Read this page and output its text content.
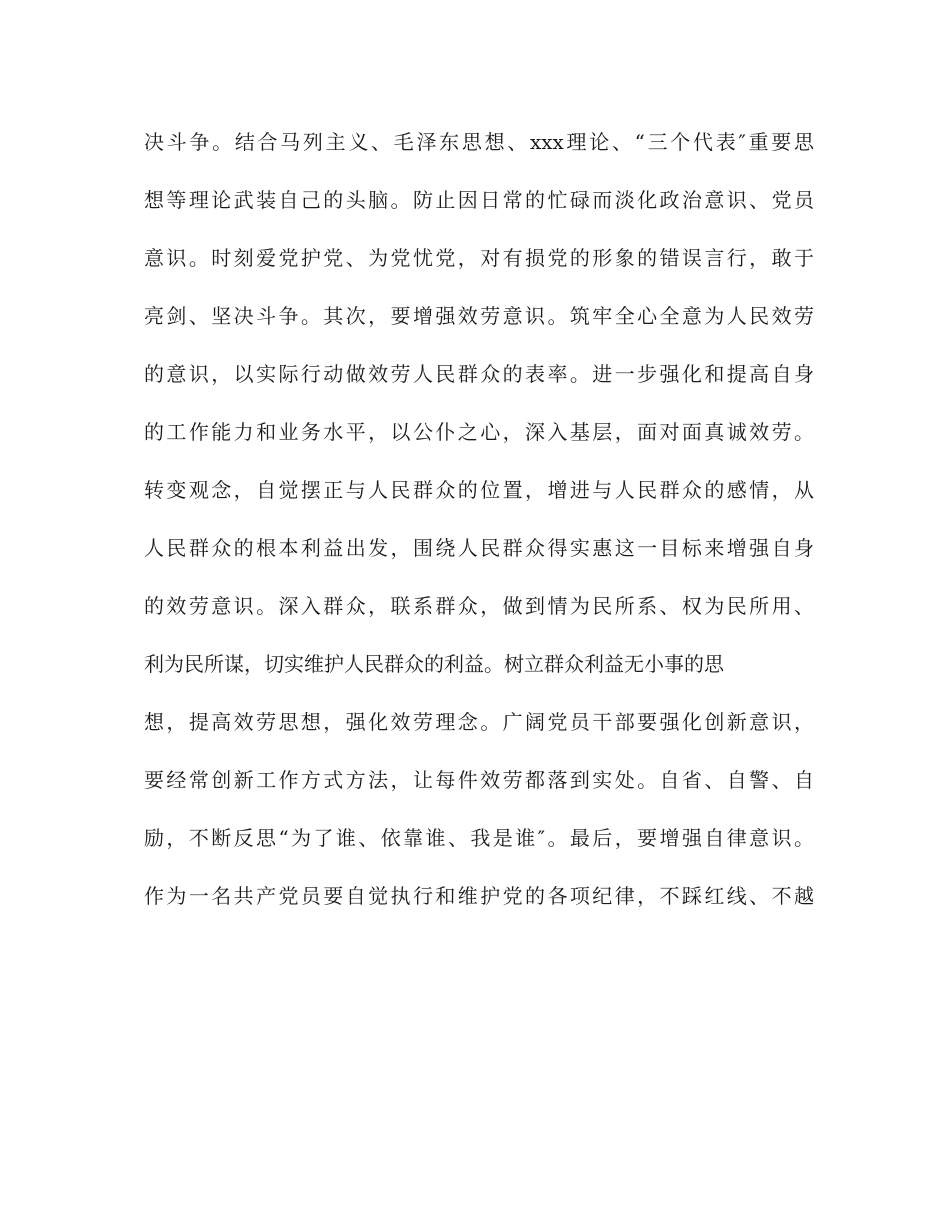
决斗争。结合马列主义、毛泽东思想、xxx理论、“三个代表″重要思
想等理论武装自己的头脑。防止因日常的忙碌而淡化政治意识、党员
意识。时刻爱党护党、为党忧党，对有损党的形象的错误言行，敢于
亮剑、坚决斗争。其次，要增强效劳意识。筑牢全心全意为人民效劳
的意识，以实际行动做效劳人民群众的表率。进一步强化和提高自身
的工作能力和业务水平，以公仆之心，深入基层，面对面真诚效劳。
转变观念，自觉摆正与人民群众的位置，增进与人民群众的感情，从
人民群众的根本利益出发，围绕人民群众得实惠这一目标来增强自身
的效劳意识。深入群众，联系群众，做到情为民所系、权为民所用、
利为民所谋，切实维护人民群众的利益。树立群众利益无小事的思
想，提高效劳思想，强化效劳理念。广阔党员干部要强化创新意识，
要经常创新工作方式方法，让每件效劳都落到实处。自省、自警、自
励，不断反思“为了谁、依靠谁、我是谁″。最后，要增强自律意识。
作为一名共产党员要自觉执行和维护党的各项纪律，不踩红线、不越
